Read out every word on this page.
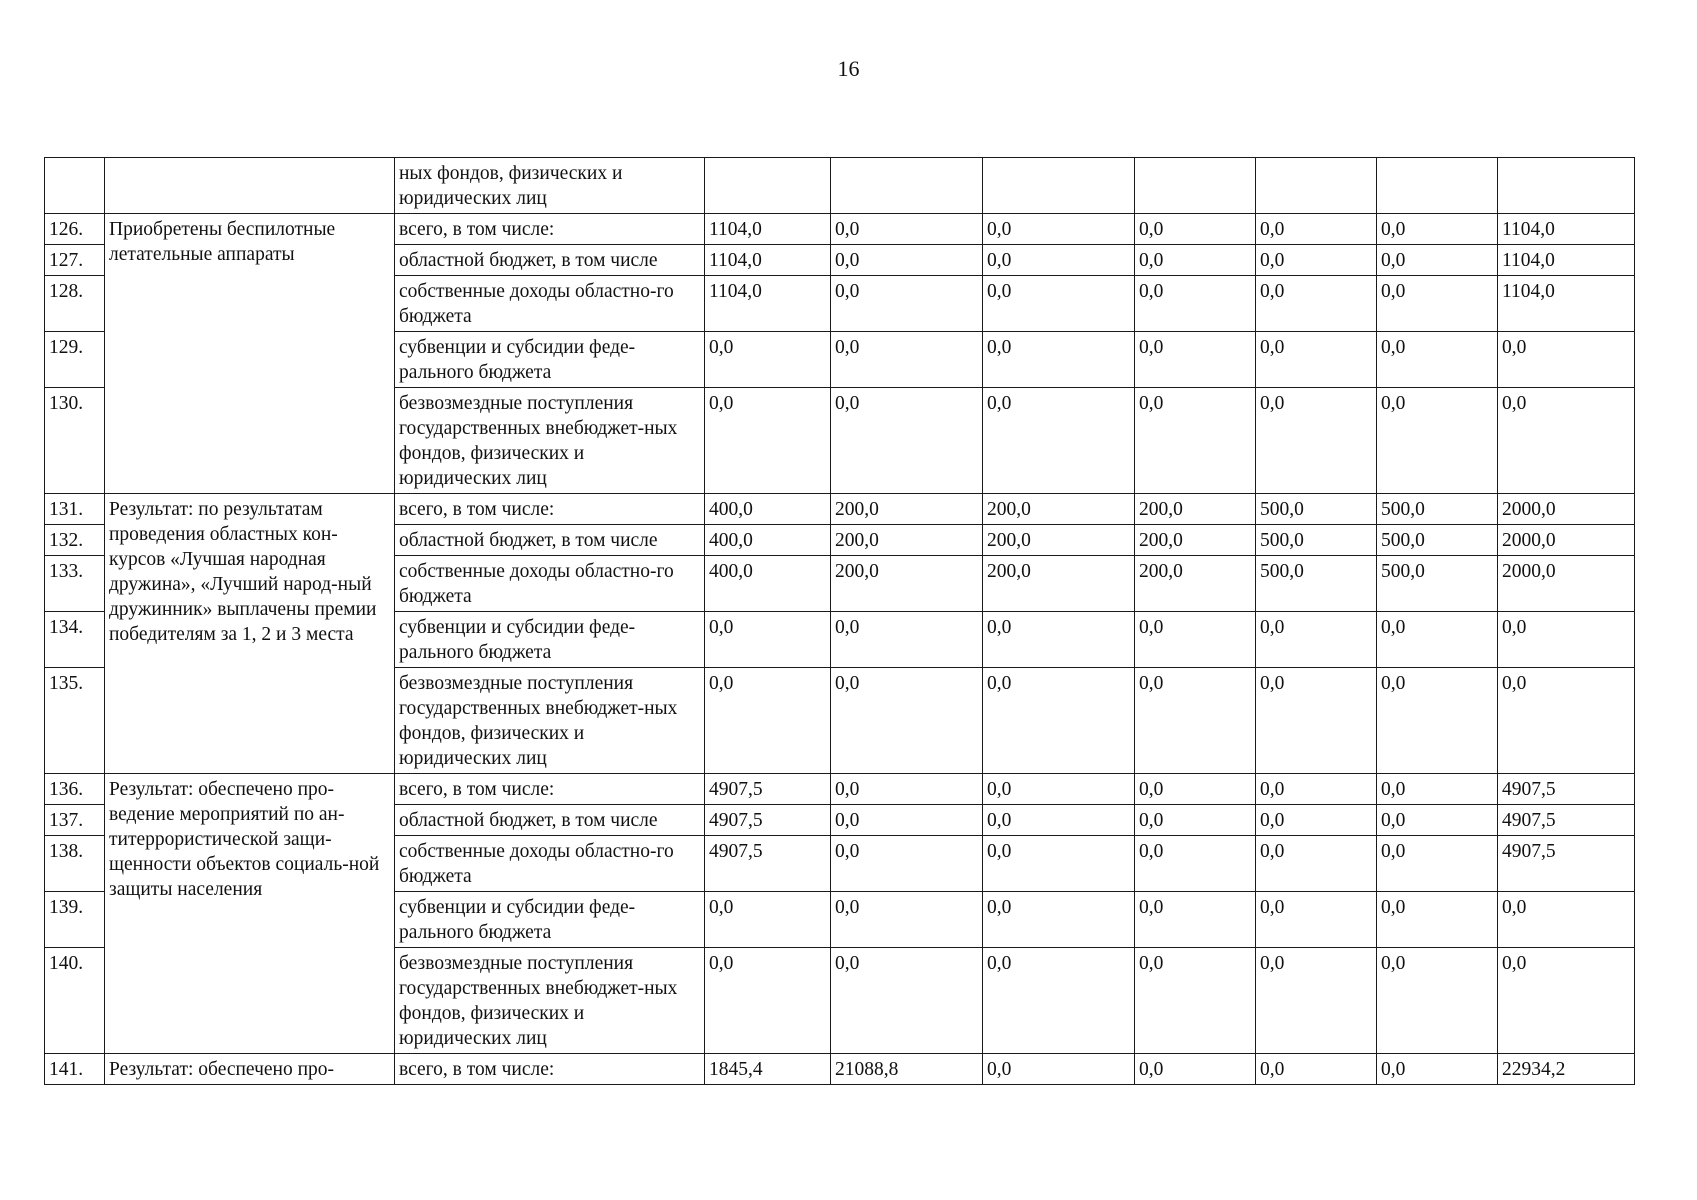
16
		ных фондов, физических и юридических лиц							
126.	Приобретены беспилотные летательные аппараты	всего, в том числе:	1104,0	0,0	0,0	0,0	0,0	0,0	1104,0
127.		областной бюджет, в том числе	1104,0	0,0	0,0	0,0	0,0	0,0	1104,0
128.		собственные доходы областно-го бюджета	1104,0	0,0	0,0	0,0	0,0	0,0	1104,0
129.		субвенции и субсидии феде-рального бюджета	0,0	0,0	0,0	0,0	0,0	0,0	0,0
130.		безвозмездные поступления государственных внебюджет-ных фондов, физических и юридических лиц	0,0	0,0	0,0	0,0	0,0	0,0	0,0
131.	Результат: по результатам проведения областных кон-курсов «Лучшая народная дружина», «Лучший народ-ный дружинник» выплачены премии победителям за 1, 2 и 3 места	всего, в том числе:	400,0	200,0	200,0	200,0	500,0	500,0	2000,0
132.		областной бюджет, в том числе	400,0	200,0	200,0	200,0	500,0	500,0	2000,0
133.		собственные доходы областно-го бюджета	400,0	200,0	200,0	200,0	500,0	500,0	2000,0
134.		субвенции и субсидии феде-рального бюджета	0,0	0,0	0,0	0,0	0,0	0,0	0,0
135.		безвозмездные поступления государственных внебюджет-ных фондов, физических и юридических лиц	0,0	0,0	0,0	0,0	0,0	0,0	0,0
136.	Результат: обеспечено про-ведение мероприятий по ан-титеррористической защи-щенности объектов социаль-ной защиты населения	всего, в том числе:	4907,5	0,0	0,0	0,0	0,0	0,0	4907,5
137.		областной бюджет, в том числе	4907,5	0,0	0,0	0,0	0,0	0,0	4907,5
138.		собственные доходы областно-го бюджета	4907,5	0,0	0,0	0,0	0,0	0,0	4907,5
139.		субвенции и субсидии феде-рального бюджета	0,0	0,0	0,0	0,0	0,0	0,0	0,0
140.		безвозмездные поступления государственных внебюджет-ных фондов, физических и юридических лиц	0,0	0,0	0,0	0,0	0,0	0,0	0,0
141.	Результат: обеспечено про-	всего, в том числе:	1845,4	21088,8	0,0	0,0	0,0	0,0	22934,2
